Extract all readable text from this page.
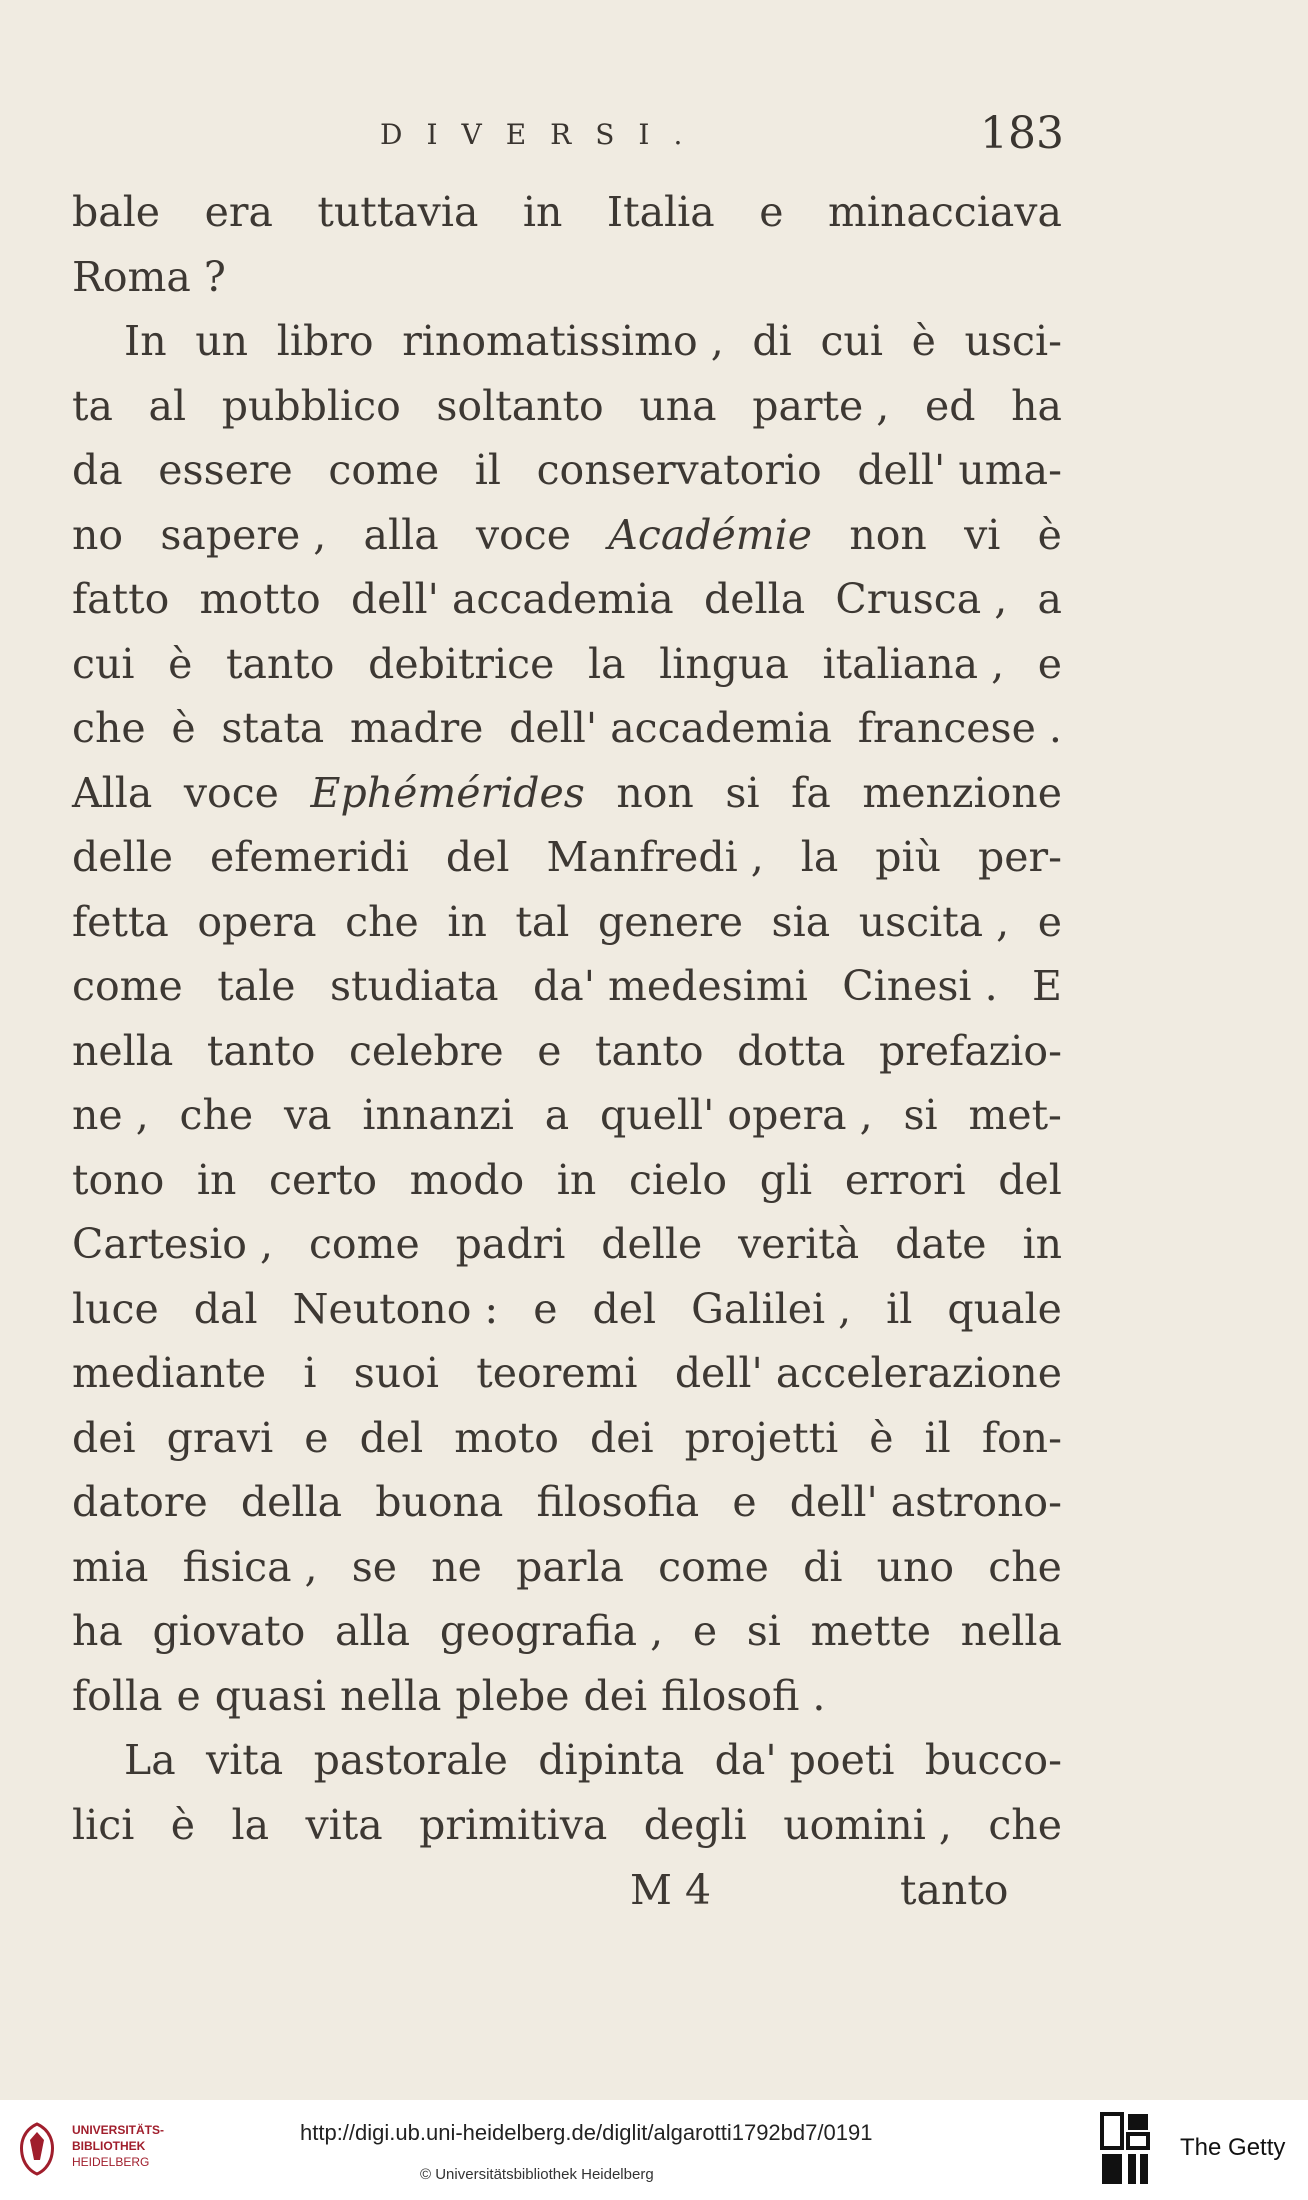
DIVERSI.	183
bale era tuttavia in Italia e minacciava
Roma ?
In un libro rinomatissimo , di cui è usci-
ta al pubblico soltanto una parte , ed ha
da essere come il conservatorio dell' uma-
no sapere , alla voce Académie non vi è
fatto motto dell' accademia della Crusca , a
cui è tanto debitrice la lingua italiana , e
che è stata madre dell' accademia francese .
Alla voce Ephémérides non si fa menzione
delle efemeridi del Manfredi , la più per-
fetta opera che in tal genere sia uscita , e
come tale studiata da' medesimi Cinesi . E
nella tanto celebre e tanto dotta prefazio-
ne , che va innanzi a quell' opera , si met-
tono in certo modo in cielo gli errori del
Cartesio , come padri delle verità date in
luce dal Neutono : e del Galilei , il quale
mediante i suoi teoremi dell' accelerazione
dei gravi e del moto dei projetti è il fon-
datore della buona filosofia e dell' astrono-
mia fisica , se ne parla come di uno che
ha giovato alla geografia , e si mette nella
folla e quasi nella plebe dei filosofi .
La vita pastorale dipinta da' poeti bucco-
lici è la vita primitiva degli uomini , che
M 4	tanto
UNIVERSITÄTS-
BIBLIOTHEK
HEIDELBERG
http://digi.ub.uni-heidelberg.de/diglit/algarotti1792bd7/0191
© Universitätsbibliothek Heidelberg
The Getty
